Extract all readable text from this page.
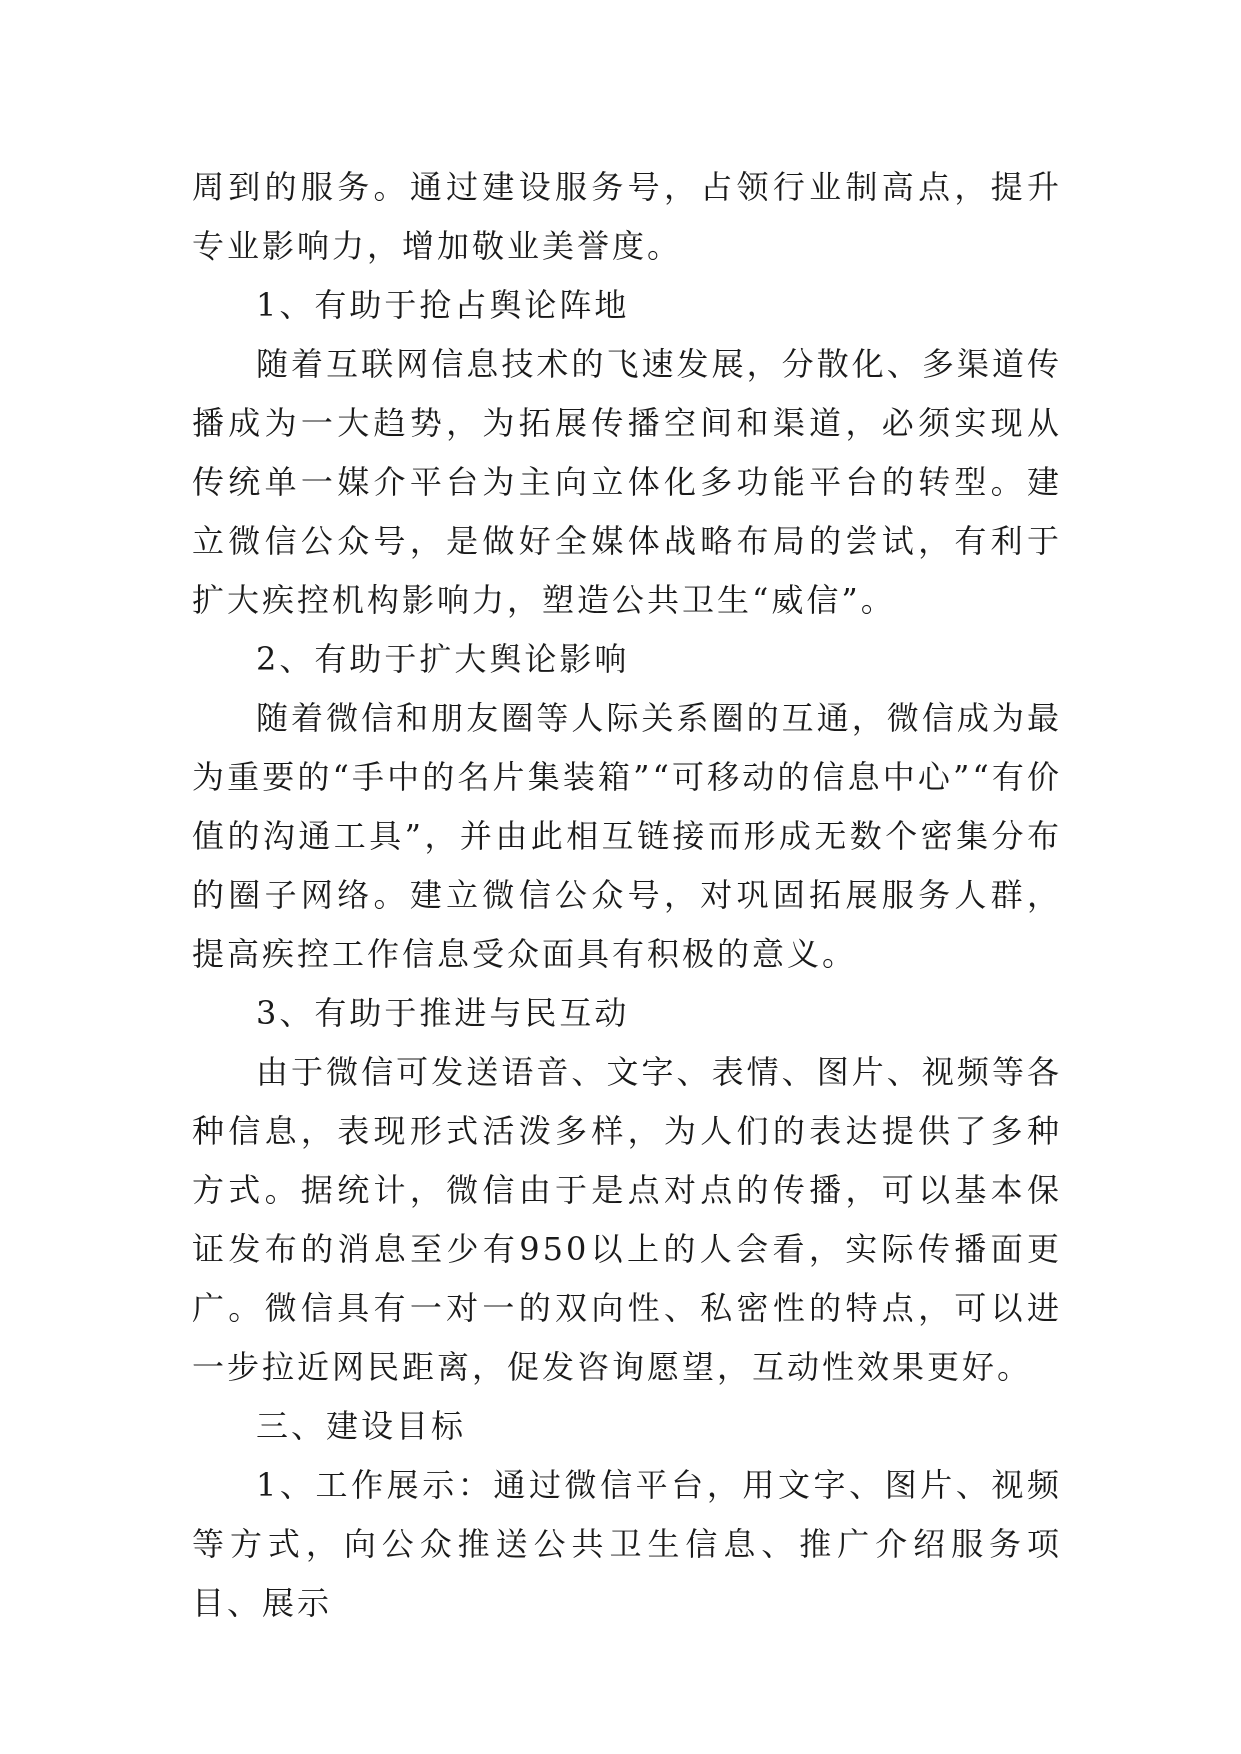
周到的服务。通过建设服务号，占领行业制高点，提升专业影响力，增加敬业美誉度。

1、有助于抢占舆论阵地

随着互联网信息技术的飞速发展，分散化、多渠道传播成为一大趋势，为拓展传播空间和渠道，必须实现从传统单一媒介平台为主向立体化多功能平台的转型。建立微信公众号，是做好全媒体战略布局的尝试，有利于扩大疾控机构影响力，塑造公共卫生“威信”。

2、有助于扩大舆论影响

随着微信和朋友圈等人际关系圈的互通，微信成为最为重要的“手中的名片集装箱”“可移动的信息中心”“有价值的沟通工具”，并由此相互链接而形成无数个密集分布的圈子网络。建立微信公众号，对巩固拓展服务人群，提高疾控工作信息受众面具有积极的意义。

3、有助于推进与民互动

由于微信可发送语音、文字、表情、图片、视频等各种信息，表现形式活泼多样，为人们的表达提供了多种方式。据统计，微信由于是点对点的传播，可以基本保证发布的消息至少有950以上的人会看，实际传播面更广。微信具有一对一的双向性、私密性的特点，可以进一步拉近网民距离，促发咨询愿望，互动性效果更好。

三、建设目标

1、工作展示：通过微信平台，用文字、图片、视频等方式，向公众推送公共卫生信息、推广介绍服务项目、展示
